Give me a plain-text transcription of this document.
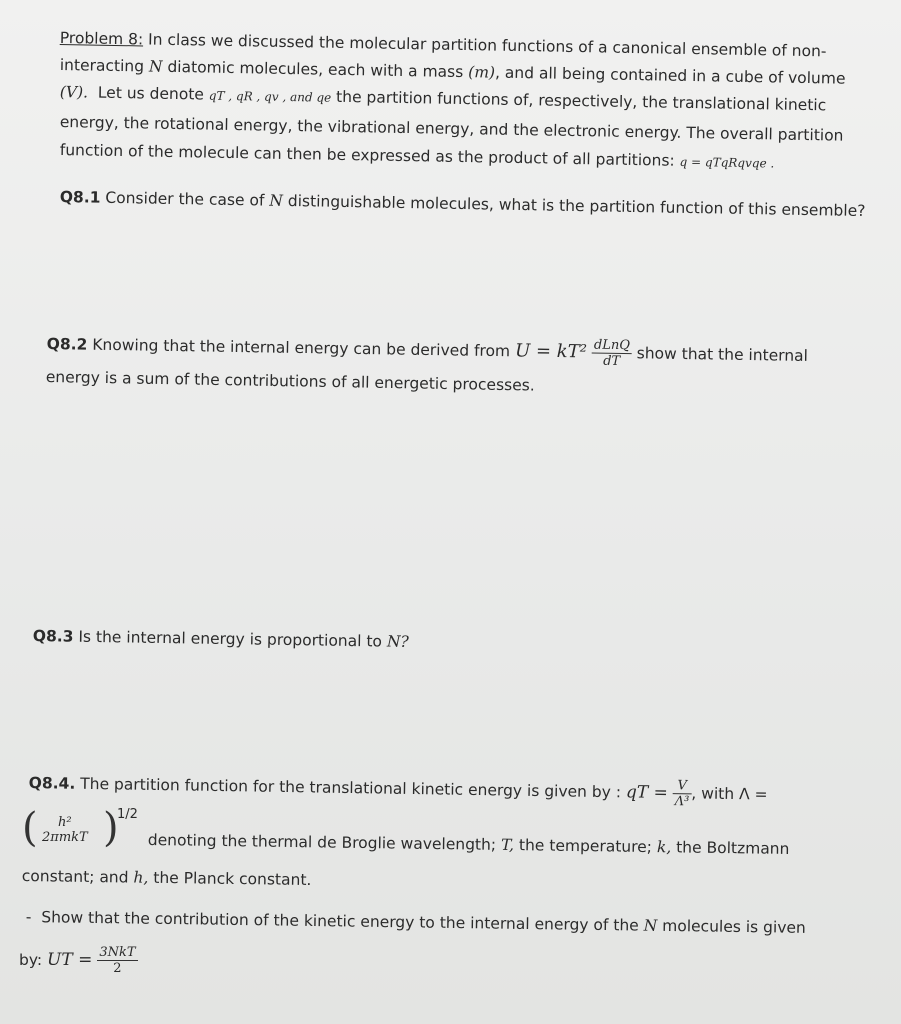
Problem 8: In class we discussed the molecular partition functions of a canonical ensemble of non-
interacting N diatomic molecules, each with a mass (m), and all being contained in a cube of volume
(V). Let us denote qT , qR , qv , and qe the partition functions of, respectively, the translational kinetic
energy, the rotational energy, the vibrational energy, and the electronic energy. The overall partition
function of the molecule can then be expressed as the product of all partitions: q = qTqRqvqe .
Q8.1 Consider the case of N distinguishable molecules, what is the partition function of this ensemble?
Q8.2 Knowing that the internal energy can be derived from $U = kT^2 \frac{\text{dLnQ}}{dT}$ show that the internal
energy is a sum of the contributions of all energetic processes.
Q8.3 Is the internal energy is proportional to N?
Q8.4. The partition function for the translational kinetic energy is given by : qT = $\frac{V}{\text{Λ³}}$ , with Λ =
(	h²
2πmkT )
1/2
denoting the thermal de Broglie wavelength; T, the temperature; k, the Boltzmann
constant; and h, the Planck constant.
- Show that the contribution of the kinetic energy to the internal energy of the N molecules is given
by: UT = $\frac{\text{3NkT}}{2}$
